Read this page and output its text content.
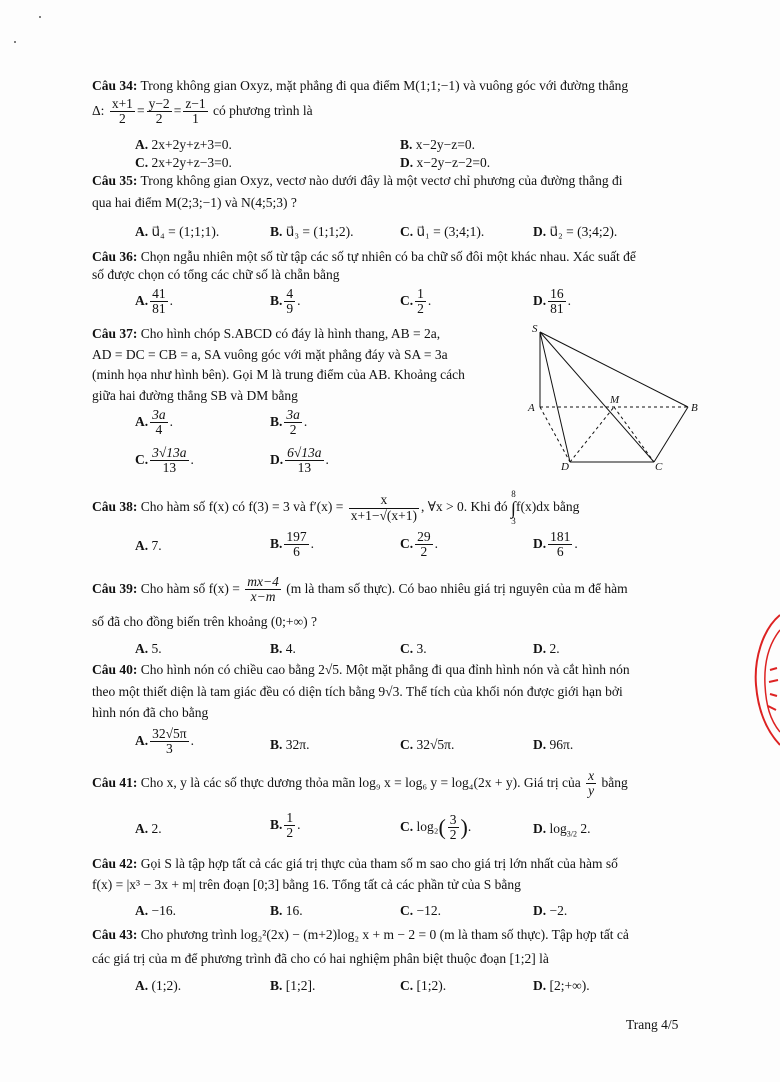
Câu 34: Trong không gian Oxyz, mặt phẳng đi qua điểm M(1;1;−1) và vuông góc với đường thẳng
Δ: $\frac{x+1}{2} = \frac{y-2}{2} = \frac{z-1}{1}$ có phương trình là
A. 2x+2y+z+3=0.	B. x−2y−z=0.
C. 2x+2y+z−3=0.	D. x−2y−z−2=0.
Câu 35: Trong không gian Oxyz, vectơ nào dưới đây là một vectơ chỉ phương của đường thẳng đi
qua hai điểm M(2;3;−1) và N(4;5;3) ?
A. u⃗₄ = (1;1;1).	B. u⃗₃ = (1;1;2).	C. u⃗₁ = (3;4;1).	D. u⃗₂ = (3;4;2).
Câu 36: Chọn ngẫu nhiên một số từ tập các số tự nhiên có ba chữ số đôi một khác nhau. Xác suất để
số được chọn có tổng các chữ số là chẵn bằng
A. $\frac{41}{81}$ .	B. $\frac{4}{9}$ .	C. $\frac{1}{2}$ .	D. $\frac{16}{81}$ .
Câu 37: Cho hình chóp S.ABCD có đáy là hình thang, AB = 2a,
AD = DC = CB = a, SA vuông góc với mặt phẳng đáy và SA = 3a
(minh họa như hình bên). Gọi M là trung điểm của AB. Khoảng cách
giữa hai đường thẳng SB và DM bằng
A. $\frac{3a}{4}$ .	B. $\frac{3a}{2}$ .
C. $\frac{3√13a}{13}$ .	D. $\frac{6√13a}{13}$ .
S
A
M
B
D	C
Câu 38: Cho hàm số f(x) có f(3) = 3 và $f'(x) = \frac{x}{x+1-√(x+1)}$ , ∀x > 0. Khi đó
8
∫
3
f(x)dx bằng
A. 7.	B. $\frac{197}{6}$ .	C. $\frac{29}{2}$ .	D. $\frac{181}{6}$ .
Câu 39: Cho hàm số $f(x) = \frac{mx-4}{x-m} (m$ là tham số thực). Có bao nhiêu giá trị nguyên của m để hàm
số đã cho đồng biến trên khoảng (0;+∞) ?
A. 5.	B. 4.	C. 3.	D. 2.
Câu 40: Cho hình nón có chiều cao bằng 2√5. Một mặt phẳng đi qua đỉnh hình nón và cắt hình nón
theo một thiết diện là tam giác đều có diện tích bằng 9√3. Thể tích của khối nón được giới hạn bởi
hình nón đã cho bằng
A. $\frac{32√5\pi}{3}$ .	B. 32π.	C. 32√5π.	D. 96π.
Câu 41: Cho x, y là các số thực dương thỏa mãn log₉ x = log₆ y = log₄(2x + y). Giá trị của $\frac{x}{y}$ bằng
A. 2.	B. $\frac{1}{2}$ .	C. $\log_2( \frac{3}{2}$ ).	D. $\log_{3/2} 2$.
Câu 42: Gọi S là tập hợp tất cả các giá trị thực của tham số m sao cho giá trị lớn nhất của hàm số
f(x) = |x³ − 3x + m| trên đoạn [0;3] bằng 16. Tổng tất cả các phần tử của S bằng
A. −16.	B. 16.	C. −12.	D. −2.
Câu 43: Cho phương trình log₂²(2x) − (m+2)log₂ x + m − 2 = 0 (m là tham số thực). Tập hợp tất cả
các giá trị của m để phương trình đã cho có hai nghiệm phân biệt thuộc đoạn [1;2] là
A. (1;2).	B. [1;2].	C. [1;2).	D. [2;+∞).
Trang 4/5
